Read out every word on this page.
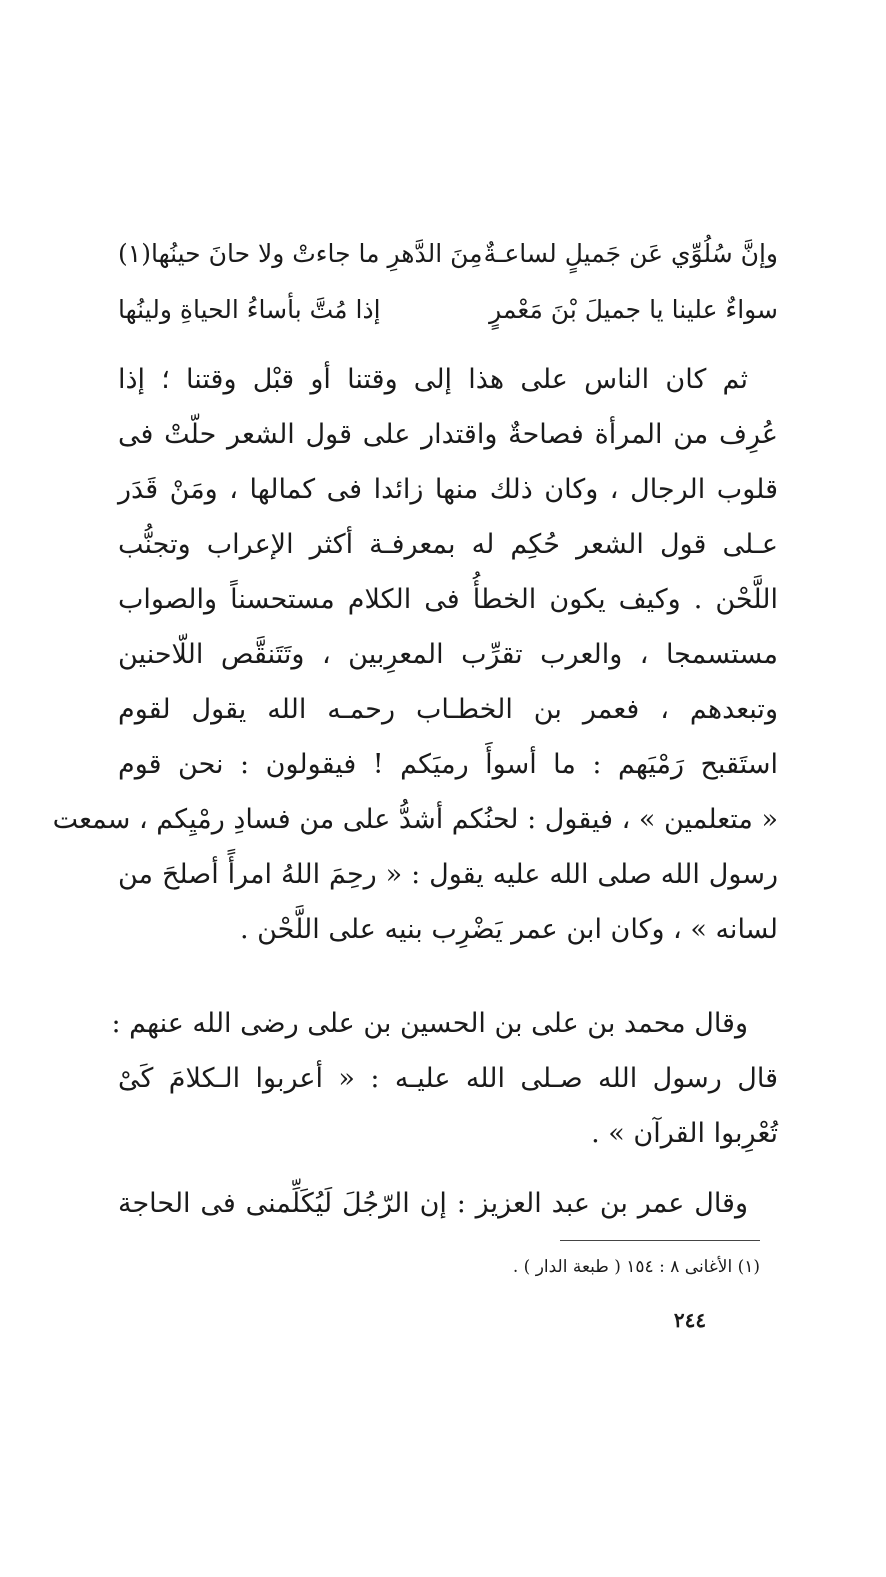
وإنَّ سُلُوِّي عَن جَميلٍ لساعـةٌ
مِنَ الدَّهرِ ما جاءتْ ولا حانَ حينُها(١)
سواءٌ علينا يا جميلَ بْنَ مَعْمرٍ
إذا مُتَّ بأساءُ الحياةِ ولينُها
ثم كان الناس على هذا إلى وقتنا أو قبْل وقتنا ؛ إذا
عُرِف من المرأة فصاحةٌ واقتدار على قول الشعر حلّتْ فى
قلوب الرجال ، وكان ذلك منها زائدا فى كمالها ، ومَنْ قَدَر
عـلى قول الشعر حُكِم له بمعرفـة أكثر الإعراب وتجنُّب
اللَّحْن . وكيف يكون الخطأُ فى الكلام مستحسناً والصواب
مستسمجا ، والعرب تقرِّب المعرِبين ، وتَتَنقَّص اللّاحنين
وتبعدهم ، فعمر بن الخطـاب رحمـه الله يقول لقوم
استَقبح رَمْيَهم : ما أسوأَ رميَكم ! فيقولون : نحن قوم
« متعلمين » ، فيقول : لحنُكم أشدُّ على من فسادِ رمْيِكم ، سمعت
رسول الله صلى الله عليه يقول : « رحِمَ اللهُ امرأً أصلحَ من
لسانه » ، وكان ابن عمر يَضْرِب بنيه على اللَّحْن .
وقال محمد بن على بن الحسين بن على رضى الله عنهم :
قال رسول الله صـلى الله عليـه : « أعربوا الـكلامَ كَىْ
تُعْرِبوا القرآن » .
وقال عمر بن عبد العزيز : إن الرّجُلَ لَيُكَلِّمنى فى الحاجة
(١) الأغانى ٨ : ١٥٤ ( طبعة الدار ) .
٢٤٤
